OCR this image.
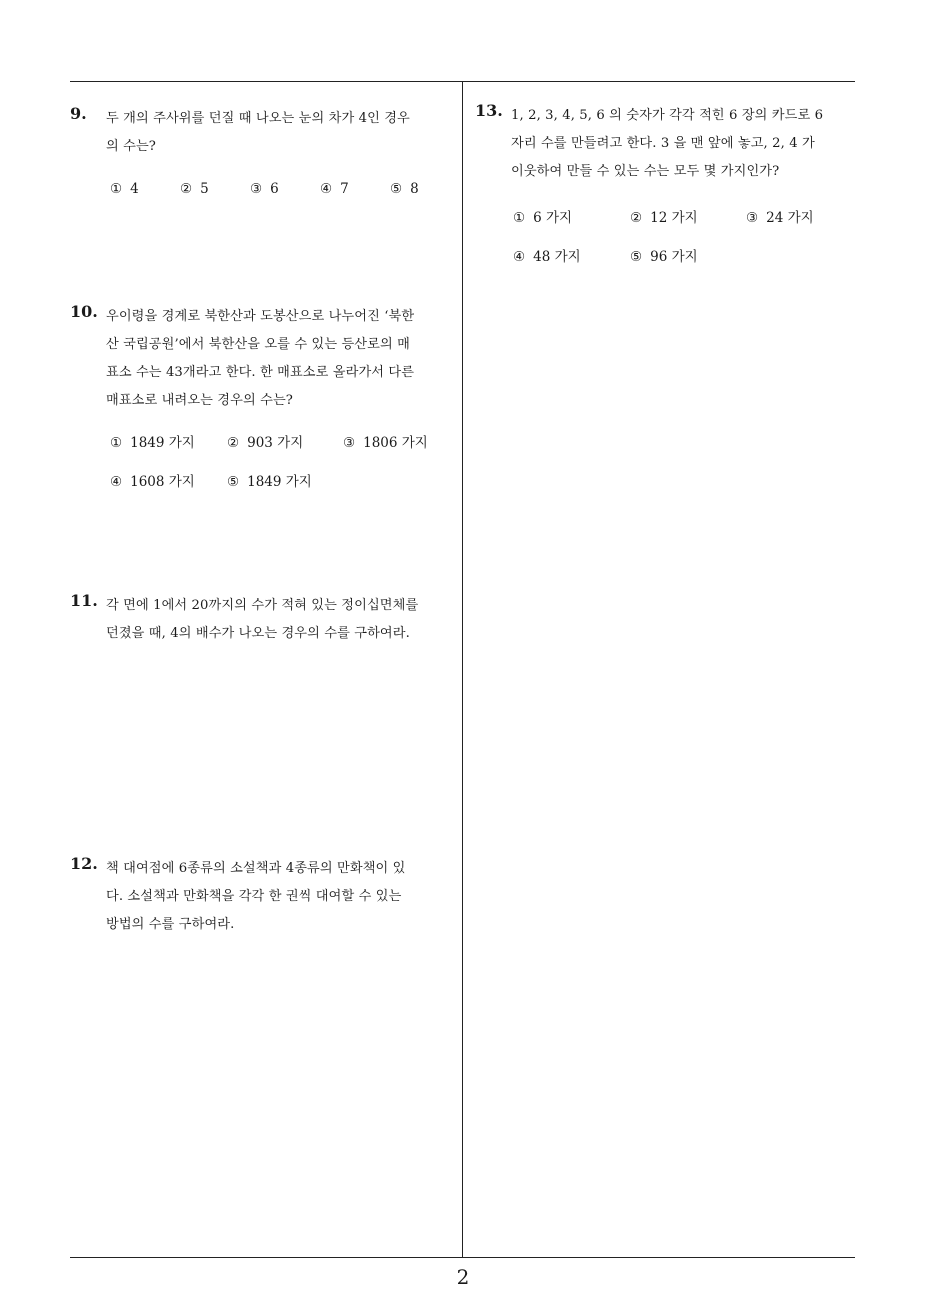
9. 두 개의 주사위를 던질 때 나오는 눈의 차가 4인 경우
의 수는?
① 4	② 5	③ 6	④ 7	⑤ 8
10. 우이령을 경계로 북한산과 도봉산으로 나누어진 ‘북한
산 국립공원’에서 북한산을 오를 수 있는 등산로의 매
표소 수는 43개라고 한다. 한 매표소로 올라가서 다른
매표소로 내려오는 경우의 수는?
① 1849 가지 ② 903 가지	③ 1806 가지
④ 1608 가지 ⑤ 1849 가지
11. 각 면에 1에서 20까지의 수가 적혀 있는 정이십면체를
던졌을 때, 4의 배수가 나오는 경우의 수를 구하여라.
12. 책 대여점에 6종류의 소설책과 4종류의 만화책이 있
다. 소설책과 만화책을 각각 한 권씩 대여할 수 있는
방법의 수를 구하여라.
13. 1, 2, 3, 4, 5, 6 의 숫자가 각각 적힌 6 장의 카드로 6
자리 수를 만들려고 한다. 3 을 맨 앞에 놓고, 2, 4 가
이웃하여 만들 수 있는 수는 모두 몇 가지인가?
① 6 가지	② 12 가지	③ 24 가지
④ 48 가지	⑤ 96 가지
2
